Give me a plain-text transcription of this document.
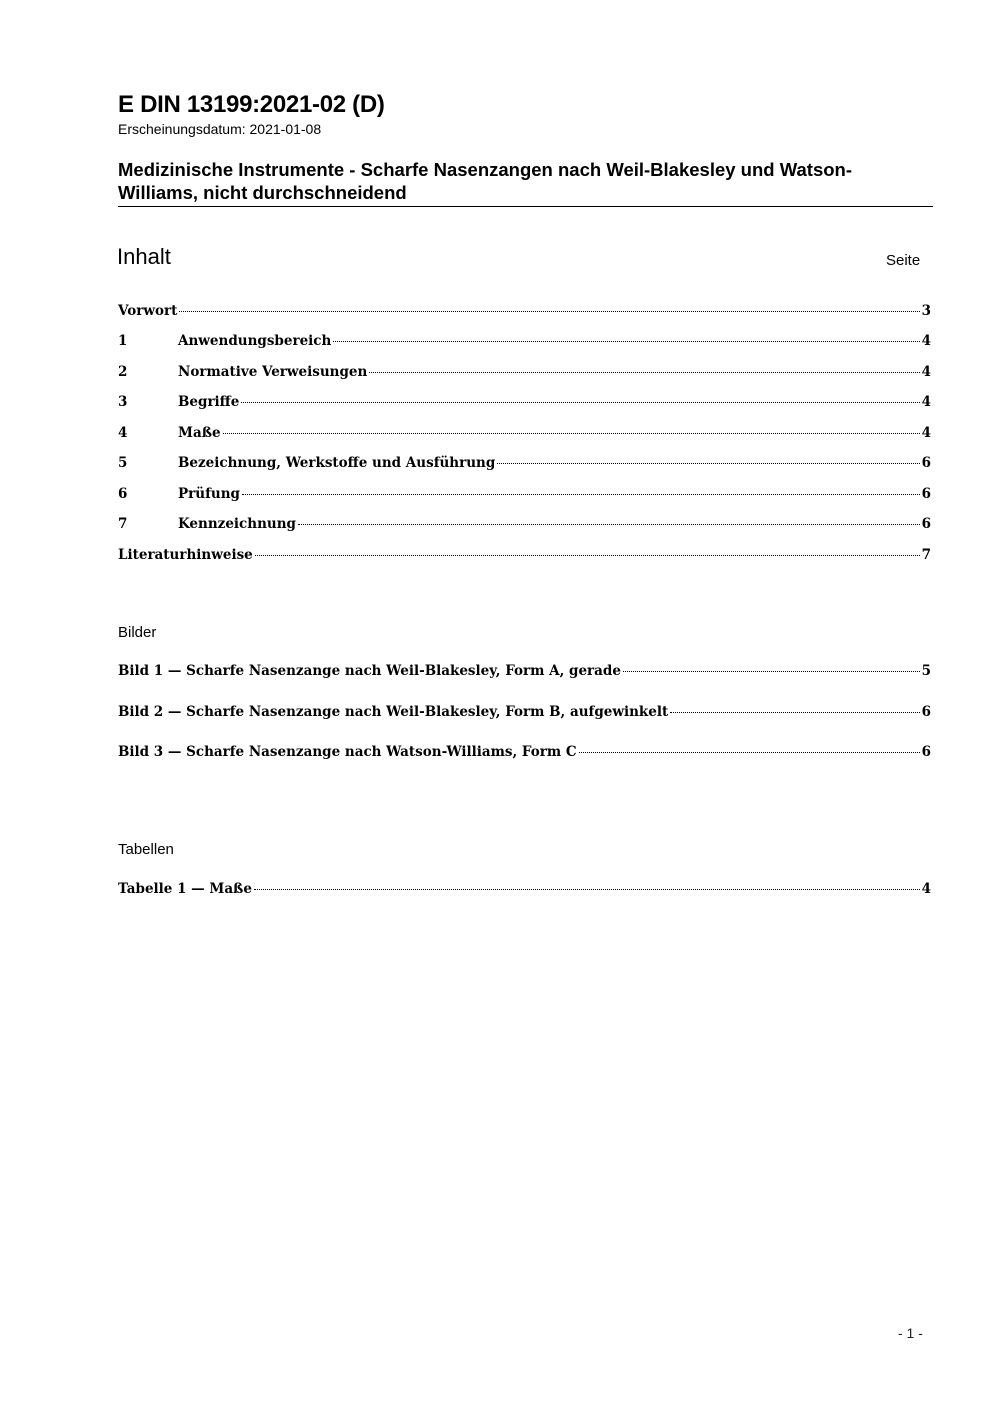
E DIN 13199:2021-02 (D)
Erscheinungsdatum: 2021-01-08
Medizinische Instrumente - Scharfe Nasenzangen nach Weil-Blakesley und Watson-Williams, nicht durchschneidend
Inhalt	Seite
Vorwort	3
1	Anwendungsbereich	4
2	Normative Verweisungen	4
3	Begriffe	4
4	Maße	4
5	Bezeichnung, Werkstoffe und Ausführung	6
6	Prüfung	6
7	Kennzeichnung	6
Literaturhinweise	7
Bilder
Bild 1 — Scharfe Nasenzange nach Weil-Blakesley, Form A, gerade	5
Bild 2 — Scharfe Nasenzange nach Weil-Blakesley, Form B, aufgewinkelt	6
Bild 3 — Scharfe Nasenzange nach Watson-Williams, Form C	6
Tabellen
Tabelle 1 — Maße	4
- 1 -
